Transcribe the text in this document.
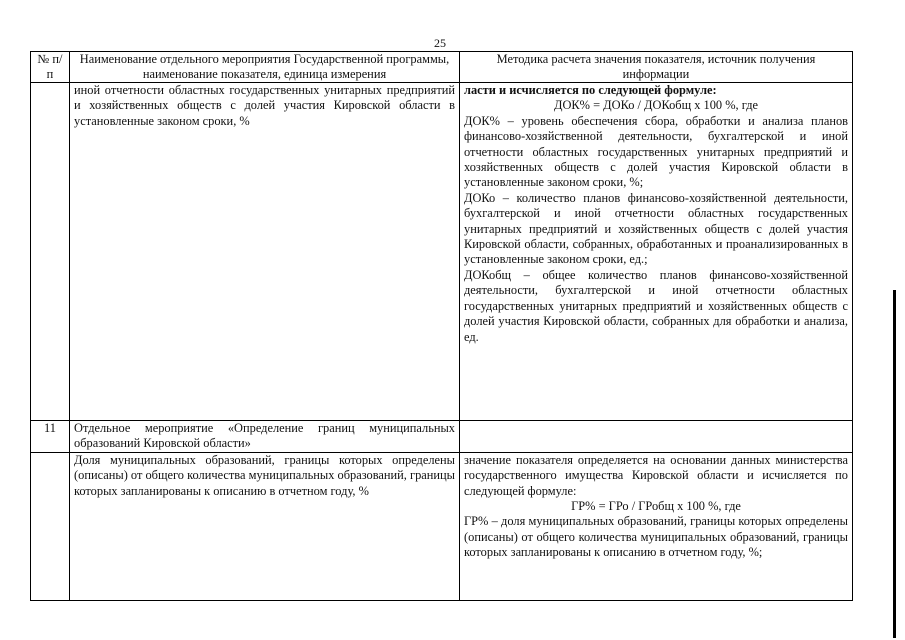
25
№ п/п	Наименование отдельного мероприятия Государственной программы, наименование показателя, единица измерения	Методика расчета значения показателя, источник получения информации
	иной отчетности областных государственных унитарных предприятий и хозяйственных обществ с долей участия Кировской области в установленные законом сроки, %	ласти и исчисляется по следующей формуле:

ДОК% = ДОКо / ДОКобщ х 100 %, где

ДОК% – уровень обеспечения сбора, обработки и анализа планов финансово-хозяйственной деятельности, бухгалтерской и иной отчетности областных государственных унитарных предприятий и хозяйственных обществ с долей участия Кировской области в установленные законом сроки, %;

ДОКо – количество планов финансово-хозяйственной деятельности, бухгалтерской и иной отчетности областных государственных унитарных предприятий и хозяйственных обществ с долей участия Кировской области, собранных, обработанных и проанализированных в установленные законом сроки, ед.;

ДОКобщ – общее количество планов финансово-хозяйственной деятельности, бухгалтерской и иной отчетности областных государственных унитарных предприятий и хозяйственных обществ с долей участия Кировской области, собранных для обработки и анализа, ед.

11	Отдельное мероприятие «Определение границ муниципальных образований Кировской области»	
	Доля муниципальных образований, границы которых определены (описаны) от общего количества муниципальных образований, границы которых запланированы к описанию в отчетном году, %	значение показателя определяется на основании данных министерства государственного имущества Кировской области и исчисляется по следующей формуле:

ГР% = ГРо / ГРобщ х 100 %, где

ГР% – доля муниципальных образований, границы которых определены (описаны) от общего количества муниципальных образований, границы которых запланированы к описанию в отчетном году, %;
